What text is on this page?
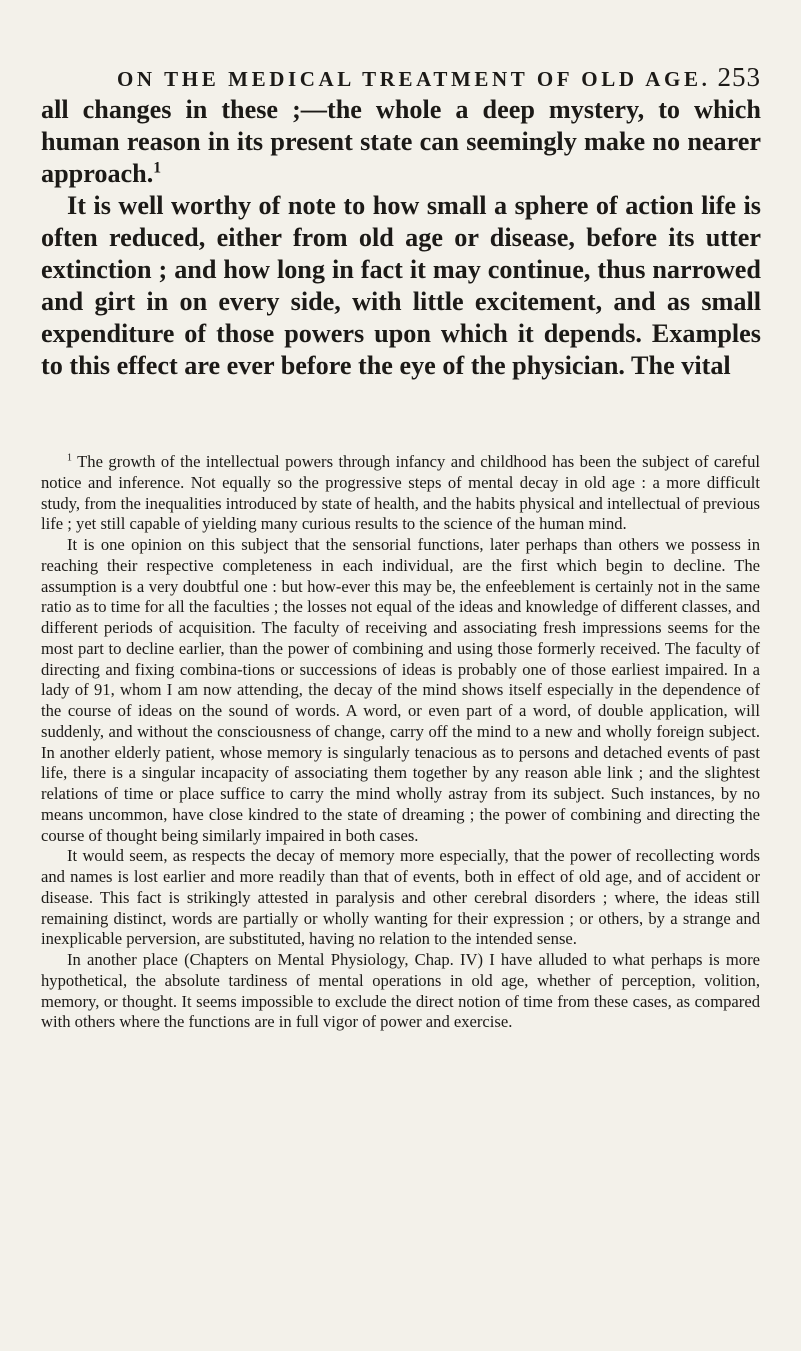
ON THE MEDICAL TREATMENT OF OLD AGE. 253

all changes in these ;—the whole a deep mystery, to which human reason in its present state can seemingly make no nearer approach.$^1$

It is well worthy of note to how small a sphere of action life is often reduced, either from old age or disease, before its utter extinction ; and how long in fact it may continue, thus narrowed and girt in on every side, with little excitement, and as small expenditure of those powers upon which it depends. Examples to this effect are ever before the eye of the physician. The vital

$^1$ The growth of the intellectual powers through infancy and childhood has been the subject of careful notice and inference. Not equally so the progressive steps of mental decay in old age : a more difficult study, from the inequalities introduced by state of health, and the habits physical and intellectual of previous life ; yet still capable of yielding many curious results to the science of the human mind.

It is one opinion on this subject that the sensorial functions, later perhaps than others we possess in reaching their respective completeness in each individual, are the first which begin to decline. The assumption is a very doubtful one : but how-ever this may be, the enfeeblement is certainly not in the same ratio as to time for all the faculties ; the losses not equal of the ideas and knowledge of different classes, and different periods of acquisition. The faculty of receiving and associating fresh impressions seems for the most part to decline earlier, than the power of combining and using those formerly received. The faculty of directing and fixing combina-tions or successions of ideas is probably one of those earliest impaired. In a lady of 91, whom I am now attending, the decay of the mind shows itself especially in the dependence of the course of ideas on the sound of words. A word, or even part of a word, of double application, will suddenly, and without the consciousness of change, carry off the mind to a new and wholly foreign subject. In another elderly patient, whose memory is singularly tenacious as to persons and detached events of past life, there is a singular incapacity of associating them together by any reason able link ; and the slightest relations of time or place suffice to carry the mind wholly astray from its subject. Such instances, by no means uncommon, have close kindred to the state of dreaming ; the power of combining and directing the course of thought being similarly impaired in both cases.

It would seem, as respects the decay of memory more especially, that the power of recollecting words and names is lost earlier and more readily than that of events, both in effect of old age, and of accident or disease. This fact is strikingly attested in paralysis and other cerebral disorders ; where, the ideas still remaining distinct, words are partially or wholly wanting for their expression ; or others, by a strange and inexplicable perversion, are substituted, having no relation to the intended sense.

In another place (Chapters on Mental Physiology, Chap. IV) I have alluded to what perhaps is more hypothetical, the absolute tardiness of mental operations in old age, whether of perception, volition, memory, or thought. It seems impossible to exclude the direct notion of time from these cases, as compared with others where the functions are in full vigor of power and exercise.
